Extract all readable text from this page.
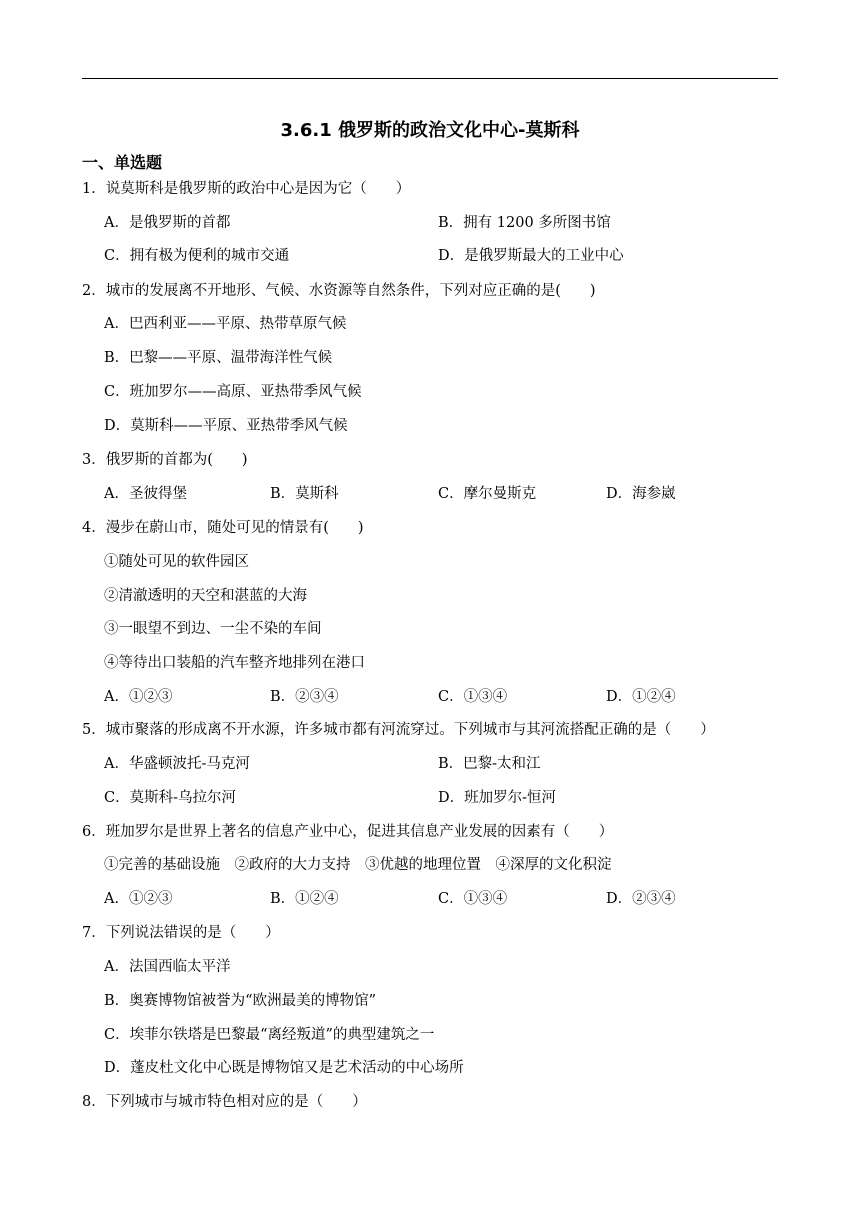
3.6.1 俄罗斯的政治文化中心-莫斯科
一、单选题
1．说莫斯科是俄罗斯的政治中心是因为它（　　）
A．是俄罗斯的首都	B．拥有 1200 多所图书馆
C．拥有极为便利的城市交通	D．是俄罗斯最大的工业中心
2．城市的发展离不开地形、气候、水资源等自然条件，下列对应正确的是(　　)
A．巴西利亚——平原、热带草原气候
B．巴黎——平原、温带海洋性气候
C．班加罗尔——高原、亚热带季风气候
D．莫斯科——平原、亚热带季风气候
3．俄罗斯的首都为(　　)
A．圣彼得堡	B．莫斯科	C．摩尔曼斯克	D．海参崴
4．漫步在蔚山市，随处可见的情景有(　　)
①随处可见的软件园区
②清澈透明的天空和湛蓝的大海
③一眼望不到边、一尘不染的车间
④等待出口装船的汽车整齐地排列在港口
A．①②③	B．②③④	C．①③④	D．①②④
5．城市聚落的形成离不开水源，许多城市都有河流穿过。下列城市与其河流搭配正确的是（　　）
A．华盛顿波托-马克河	B．巴黎-太和江
C．莫斯科-乌拉尔河	D．班加罗尔-恒河
6．班加罗尔是世界上著名的信息产业中心，促进其信息产业发展的因素有（　　）
①完善的基础设施　②政府的大力支持　③优越的地理位置　④深厚的文化积淀
A．①②③	B．①②④	C．①③④	D．②③④
7．下列说法错误的是（　　）
A．法国西临太平洋
B．奥赛博物馆被誉为“欧洲最美的博物馆”
C．埃菲尔铁塔是巴黎最“离经叛道”的典型建筑之一
D．蓬皮杜文化中心既是博物馆又是艺术活动的中心场所
8．下列城市与城市特色相对应的是（　　）
